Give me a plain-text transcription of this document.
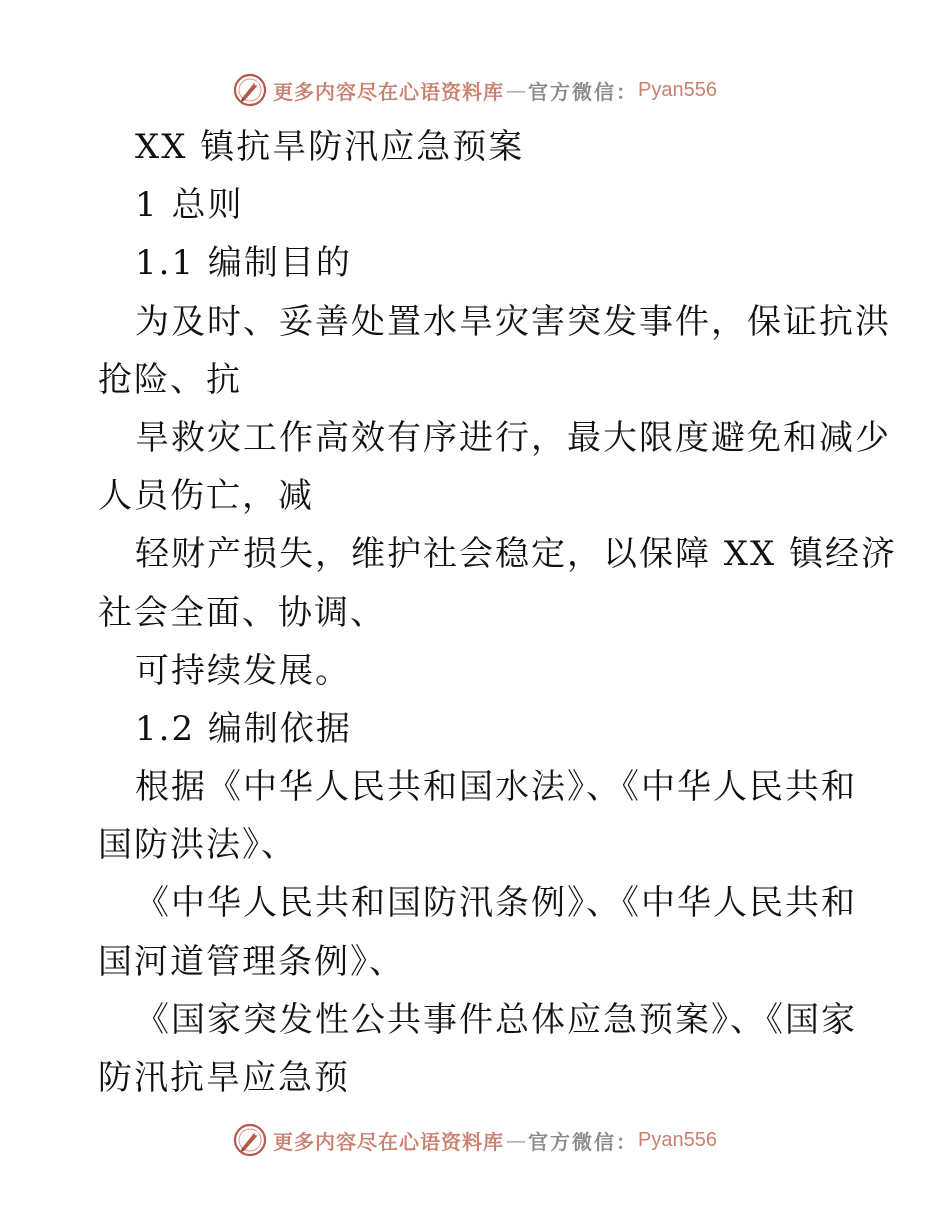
更多内容尽在心语资料库 — 官方微信： Pyan556
XX 镇抗旱防汛应急预案
1 总则
1.1 编制目的
为及时、妥善处置水旱灾害突发事件，保证抗洪
抢险、抗
旱救灾工作高效有序进行，最大限度避免和减少
人员伤亡，减
轻财产损失，维护社会稳定，以保障 XX 镇经济
社会全面、协调、
可持续发展。
1.2 编制依据
根据《中华人民共和国水法》、《中华人民共和
国防洪法》、
《中华人民共和国防汛条例》、《中华人民共和
国河道管理条例》、
《国家突发性公共事件总体应急预案》、《国家
防汛抗旱应急预
更多内容尽在心语资料库 — 官方微信： Pyan556
